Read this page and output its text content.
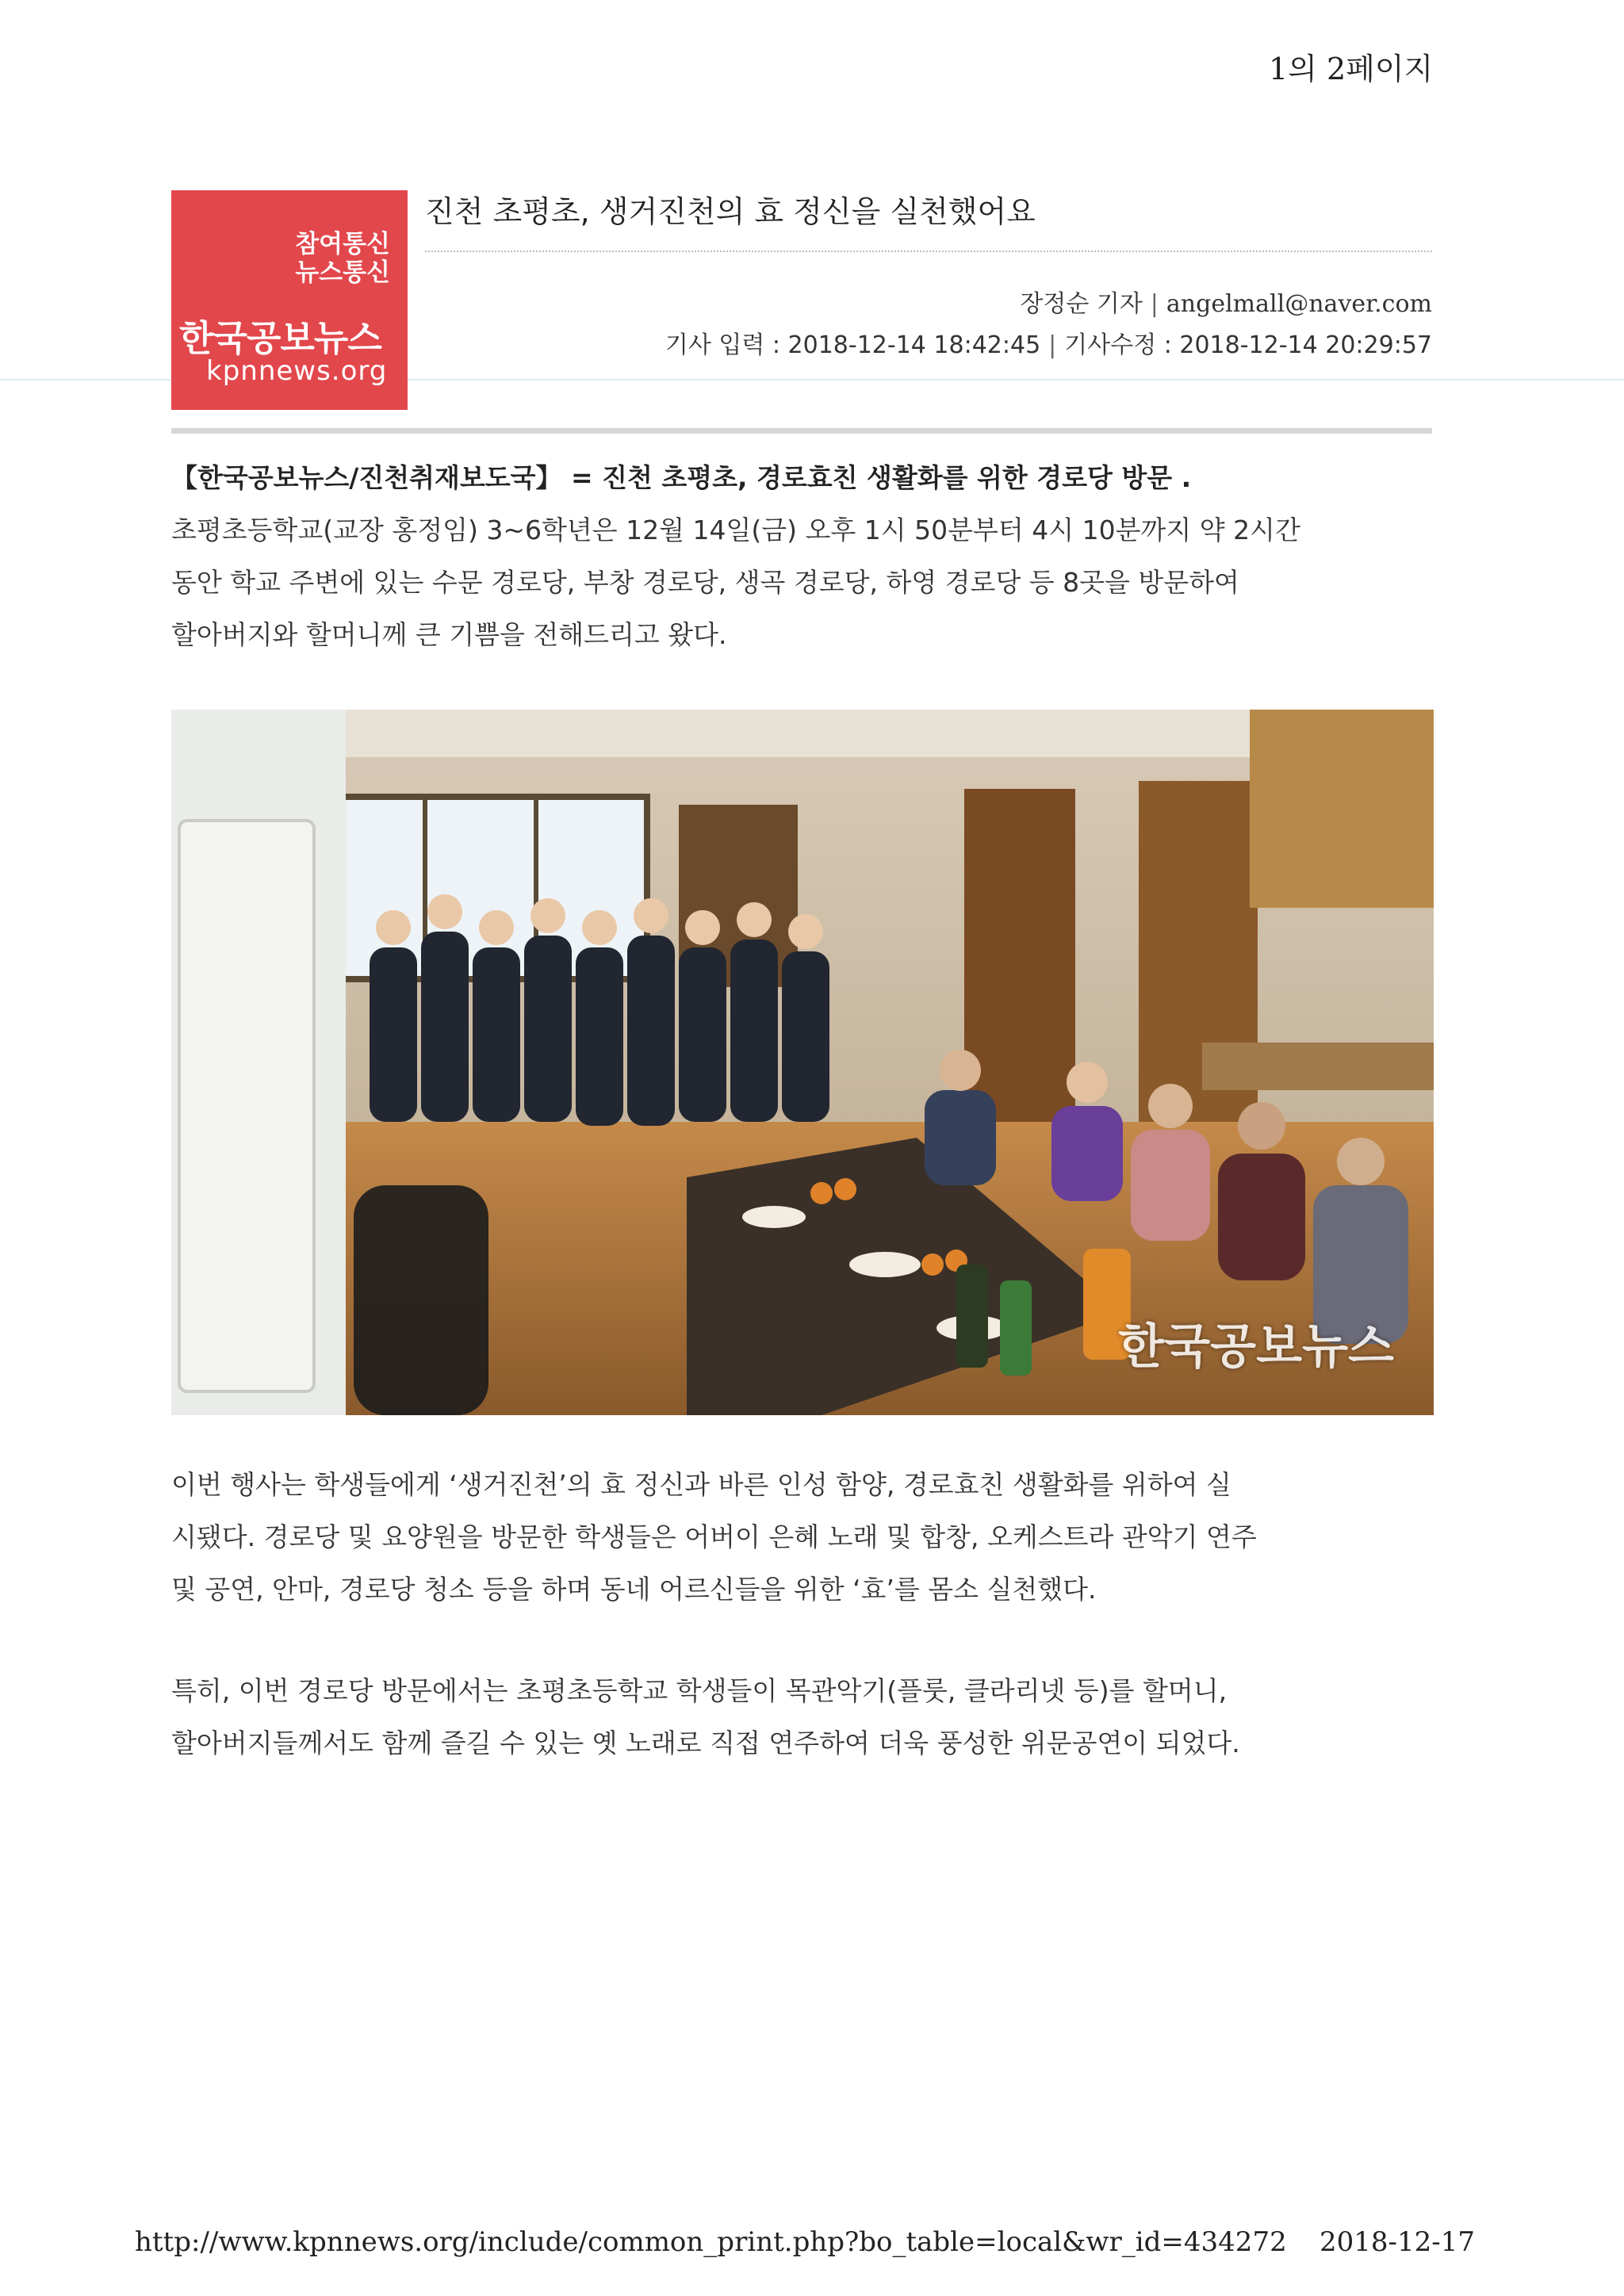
1의 2페이지
참여통신
뉴스통신
한국공보뉴스
kpnnews.org
진천 초평초, 생거진천의 효 정신을 실천했어요
장정순 기자 | angelmall@naver.com
기사 입력 : 2018-12-14 18:42:45 | 기사수정 : 2018-12-14 20:29:57
【한국공보뉴스/진천취재보도국】 = 진천 초평초, 경로효친 생활화를 위한 경로당 방문 .
초평초등학교(교장 홍정임) 3~6학년은 12월 14일(금) 오후 1시 50분부터 4시 10분까지 약 2시간
동안 학교 주변에 있는 수문 경로당, 부창 경로당, 생곡 경로당, 하영 경로당 등 8곳을 방문하여
할아버지와 할머니께 큰 기쁨을 전해드리고 왔다.
한국공보뉴스
이번 행사는 학생들에게 ‘생거진천’의 효 정신과 바른 인성 함양, 경로효친 생활화를 위하여 실
시됐다. 경로당 및 요양원을 방문한 학생들은 어버이 은혜 노래 및 합창, 오케스트라 관악기 연주
및 공연, 안마, 경로당 청소 등을 하며 동네 어르신들을 위한 ‘효’를 몸소 실천했다.
특히, 이번 경로당 방문에서는 초평초등학교 학생들이 목관악기(플룻, 클라리넷 등)를 할머니,
할아버지들께서도 함께 즐길 수 있는 옛 노래로 직접 연주하여 더욱 풍성한 위문공연이 되었다.
http://www.kpnnews.org/include/common_print.php?bo_table=local&wr_id=434272 2018-12-17
